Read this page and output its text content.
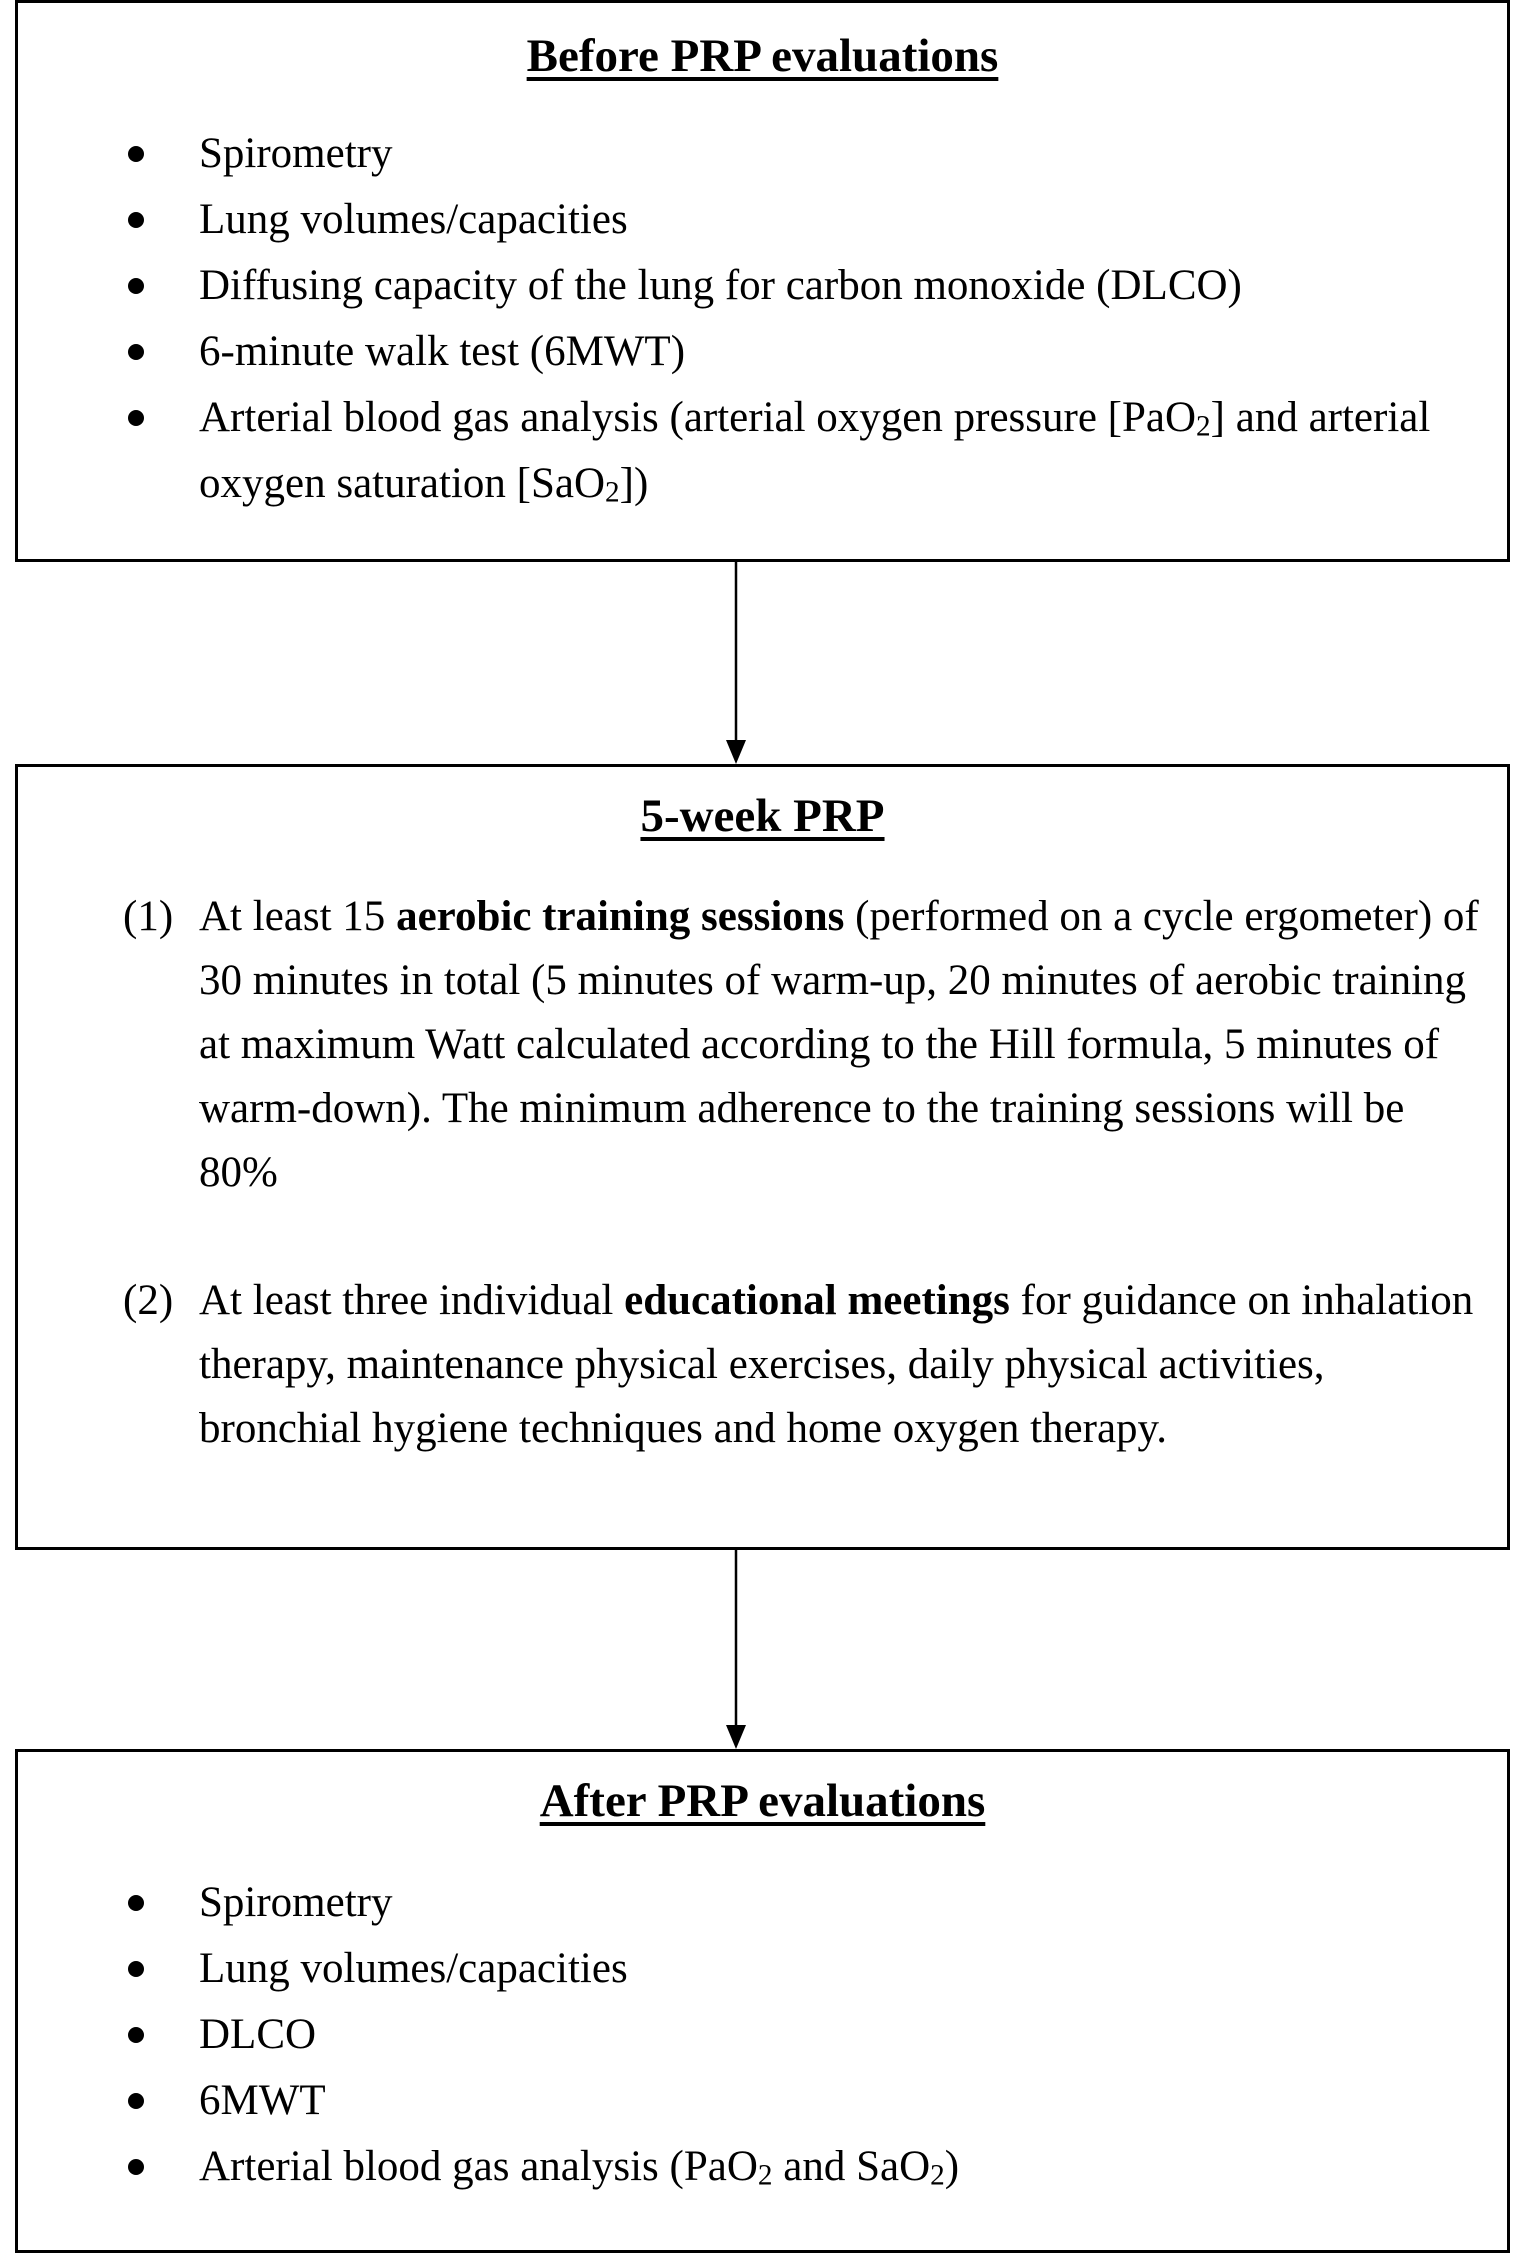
Before PRP evaluations
Spirometry
Lung volumes/capacities
Diffusing capacity of the lung for carbon monoxide (DLCO)
6-minute walk test (6MWT)
Arterial blood gas analysis (arterial oxygen pressure [PaO$_2$] and arterial oxygen saturation [SaO$_2$])
5-week PRP
(1) At least 15 aerobic training sessions (performed on a cycle ergometer) of 30 minutes in total (5 minutes of warm-up, 20 minutes of aerobic training at maximum Watt calculated according to the Hill formula, 5 minutes of warm-down). The minimum adherence to the training sessions will be 80%
(2) At least three individual educational meetings for guidance on inhalation therapy, maintenance physical exercises, daily physical activities, bronchial hygiene techniques and home oxygen therapy.
After PRP evaluations
Spirometry
Lung volumes/capacities
DLCO
6MWT
Arterial blood gas analysis (PaO$_2$ and SaO$_2$)
